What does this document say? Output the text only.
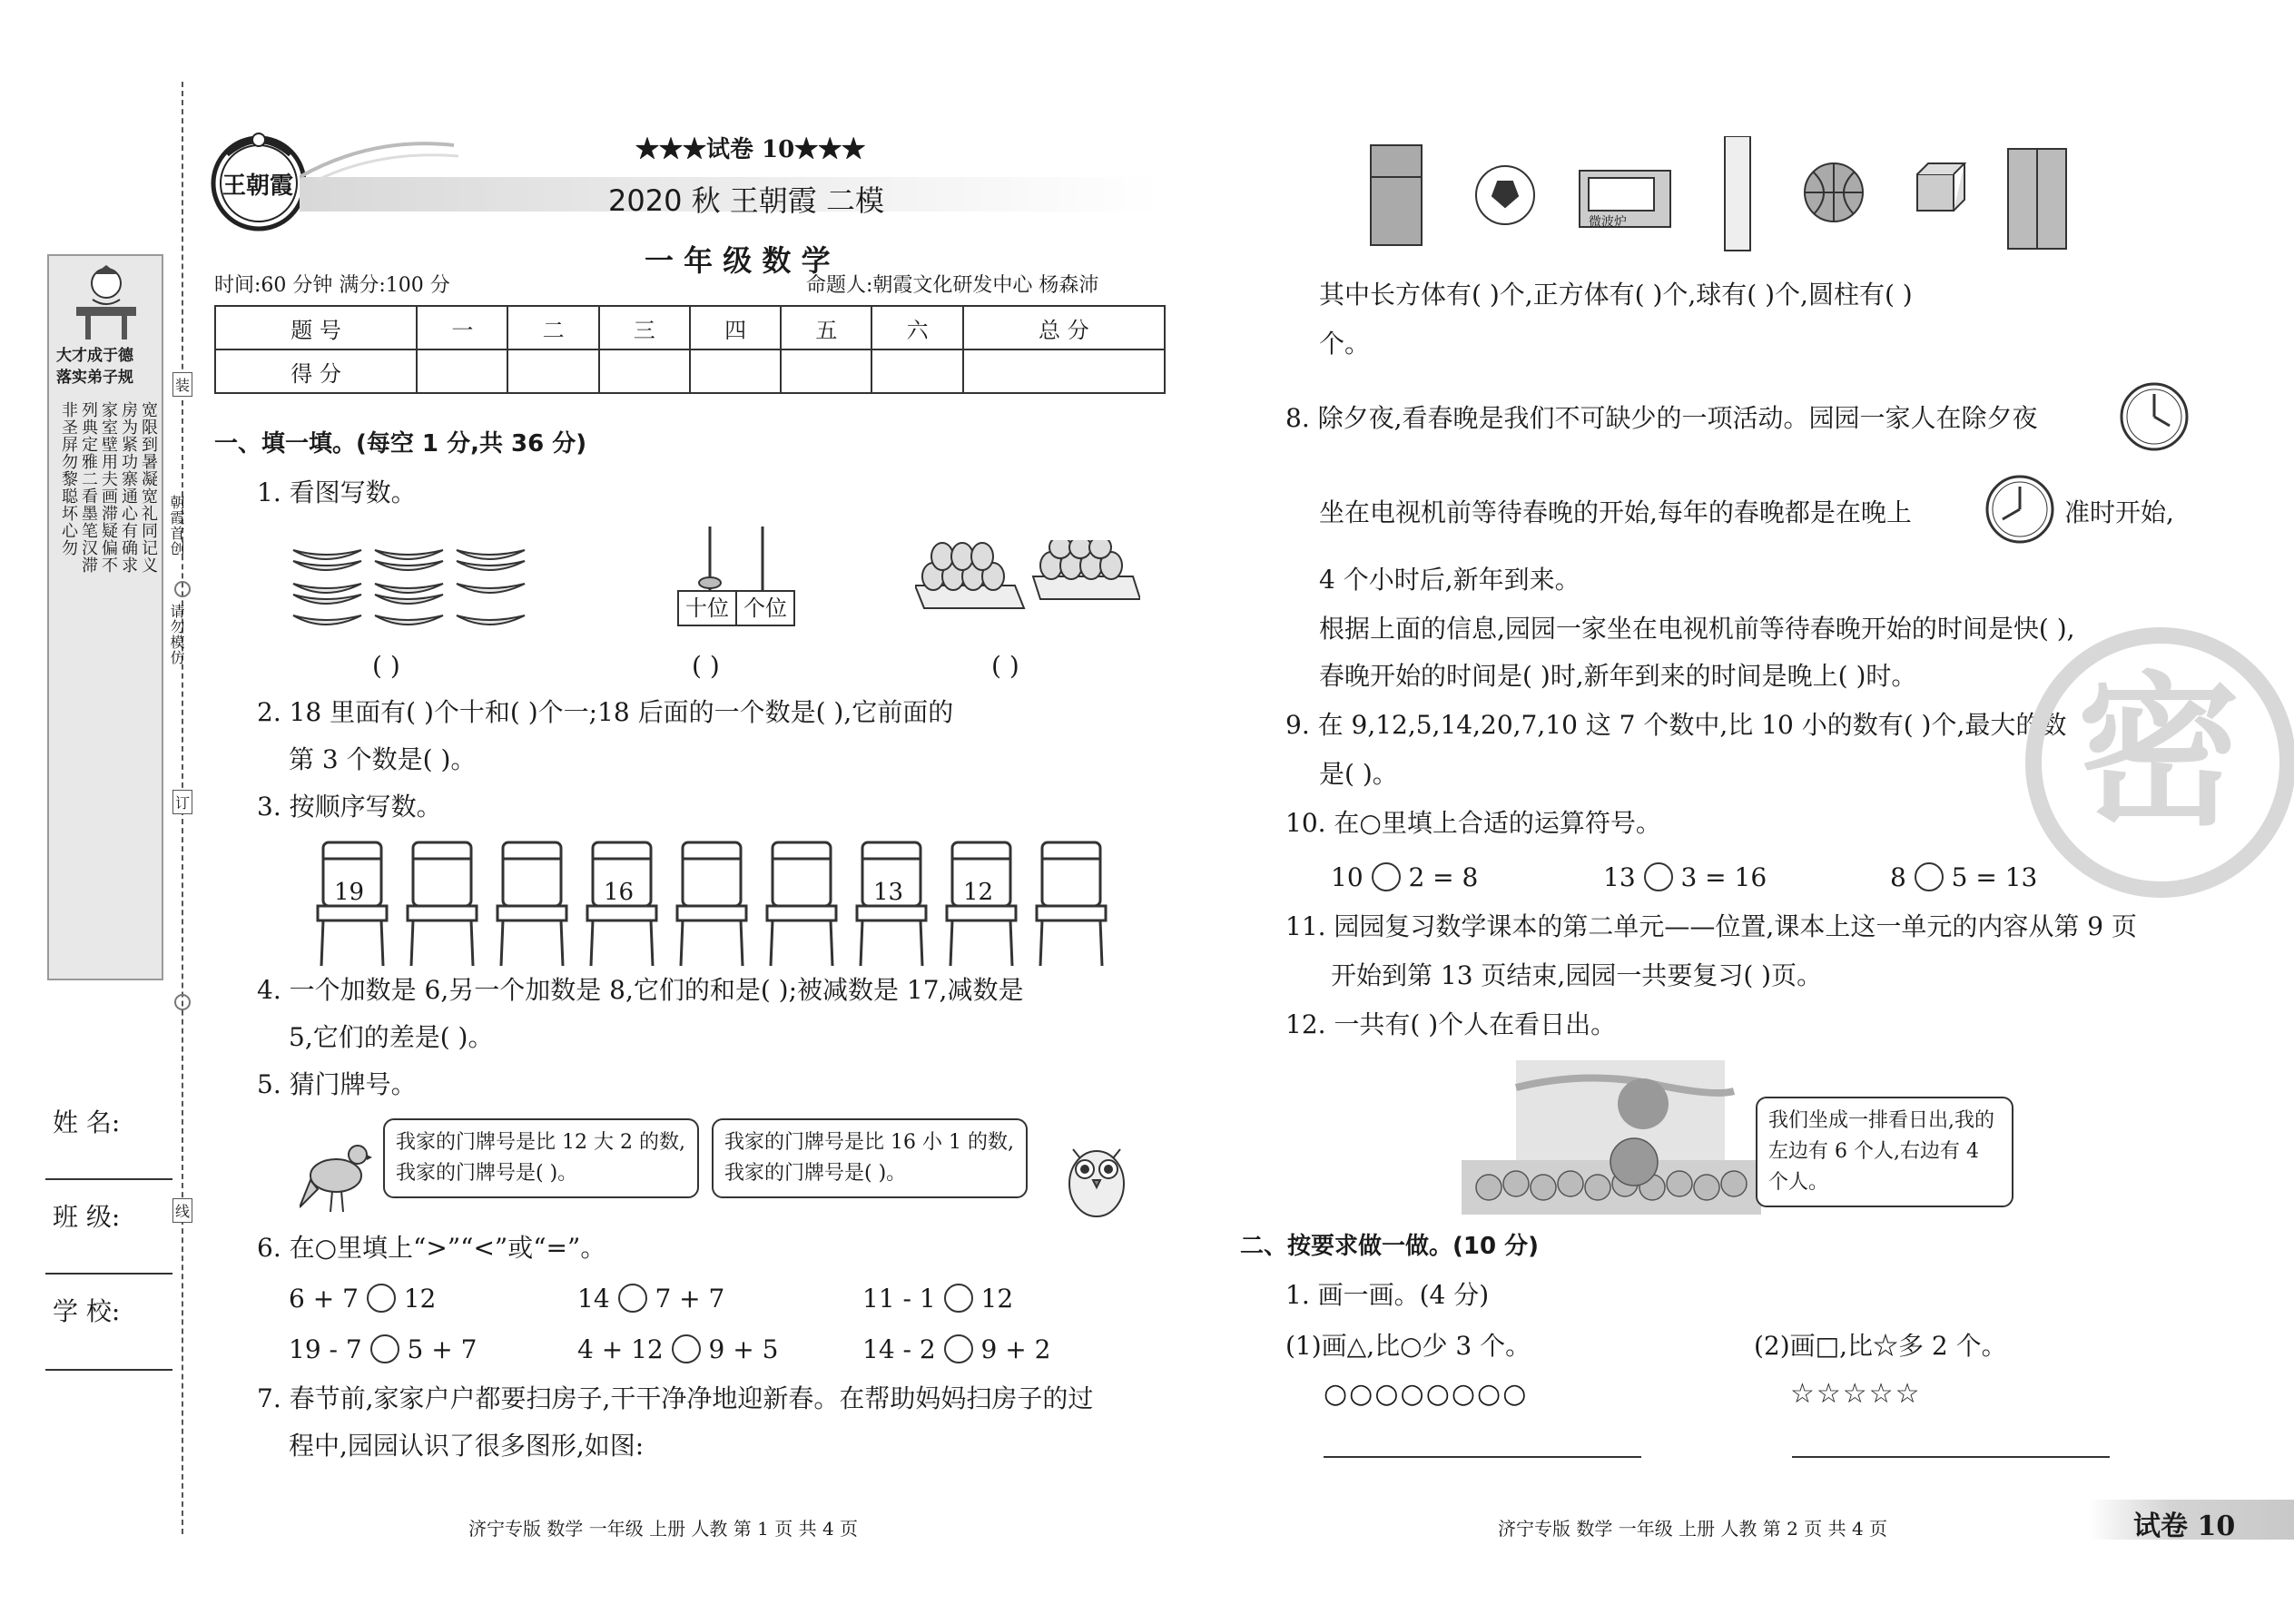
大才成于德
落实弟子规
宽限到暑凝宽礼同记义
房为紧功寨通心有确求
家室壁用夫画滞疑偏不
列典定雅二看墨笔汉滞
非圣屏勿黎聪坏心勿	朝霞首创
请勿模仿
装
订
线
姓 名:
班 级:
学 校:
王朝霞
★★★试卷 10★★★
2020 秋 王朝霞 二模
一 年 级 数 学
时间:60 分钟 满分:100 分	命题人:朝霞文化研发中心 杨森沛
题 号	一	二	三	四	五	六	总 分
得 分							
一、填一填。(每空 1 分,共 36 分)
1. 看图写数。
十位 个位
( )	( )	( )
2. 18 里面有( )个十和( )个一;18 后面的一个数是( ),它前面的
第 3 个数是( )。
3. 按顺序写数。
19	16	13	12
4. 一个加数是 6,另一个加数是 8,它们的和是( );被减数是 17,减数是
5,它们的差是( )。
5. 猜门牌号。
我家的门牌号是比 12 大 2 的数,我家的门牌号是( )。
我家的门牌号是比 16 小 1 的数,我家的门牌号是( )。
6. 在○里填上“>”“<”或“=”。
6 + 7 12	14 7 + 7	11 - 1 12
19 - 7 5 + 7	4 + 12 9 + 5	14 - 2 9 + 2
7. 春节前,家家户户都要扫房子,干干净净地迎新春。在帮助妈妈扫房子的过
程中,园园认识了很多图形,如图:
济宁专版 数学 一年级 上册 人教 第 1 页 共 4 页
微波炉
其中长方体有( )个,正方体有( )个,球有( )个,圆柱有( )
个。
8. 除夕夜,看春晚是我们不可缺少的一项活动。园园一家人在除夕夜
坐在电视机前等待春晚的开始,每年的春晚都是在晚上	准时开始,
4 个小时后,新年到来。
根据上面的信息,园园一家坐在电视机前等待春晚开始的时间是快( ),
春晚开始的时间是( )时,新年到来的时间是晚上( )时。
9. 在 9,12,5,14,20,7,10 这 7 个数中,比 10 小的数有( )个,最大的数
是( )。
10. 在○里填上合适的运算符号。
10 2 = 8	13 3 = 16	8 5 = 13
11. 园园复习数学课本的第二单元——位置,课本上这一单元的内容从第 9 页
开始到第 13 页结束,园园一共要复习( )页。
12. 一共有( )个人在看日出。
我们坐成一排看日出,我的左边有 6 个人,右边有 4 个人。
密
二、按要求做一做。(10 分)
1. 画一画。(4 分)
(1)画△,比○少 3 个。	(2)画□,比☆多 2 个。
○○○○○○○○	☆☆☆☆☆
济宁专版 数学 一年级 上册 人教 第 2 页 共 4 页	试卷 10
